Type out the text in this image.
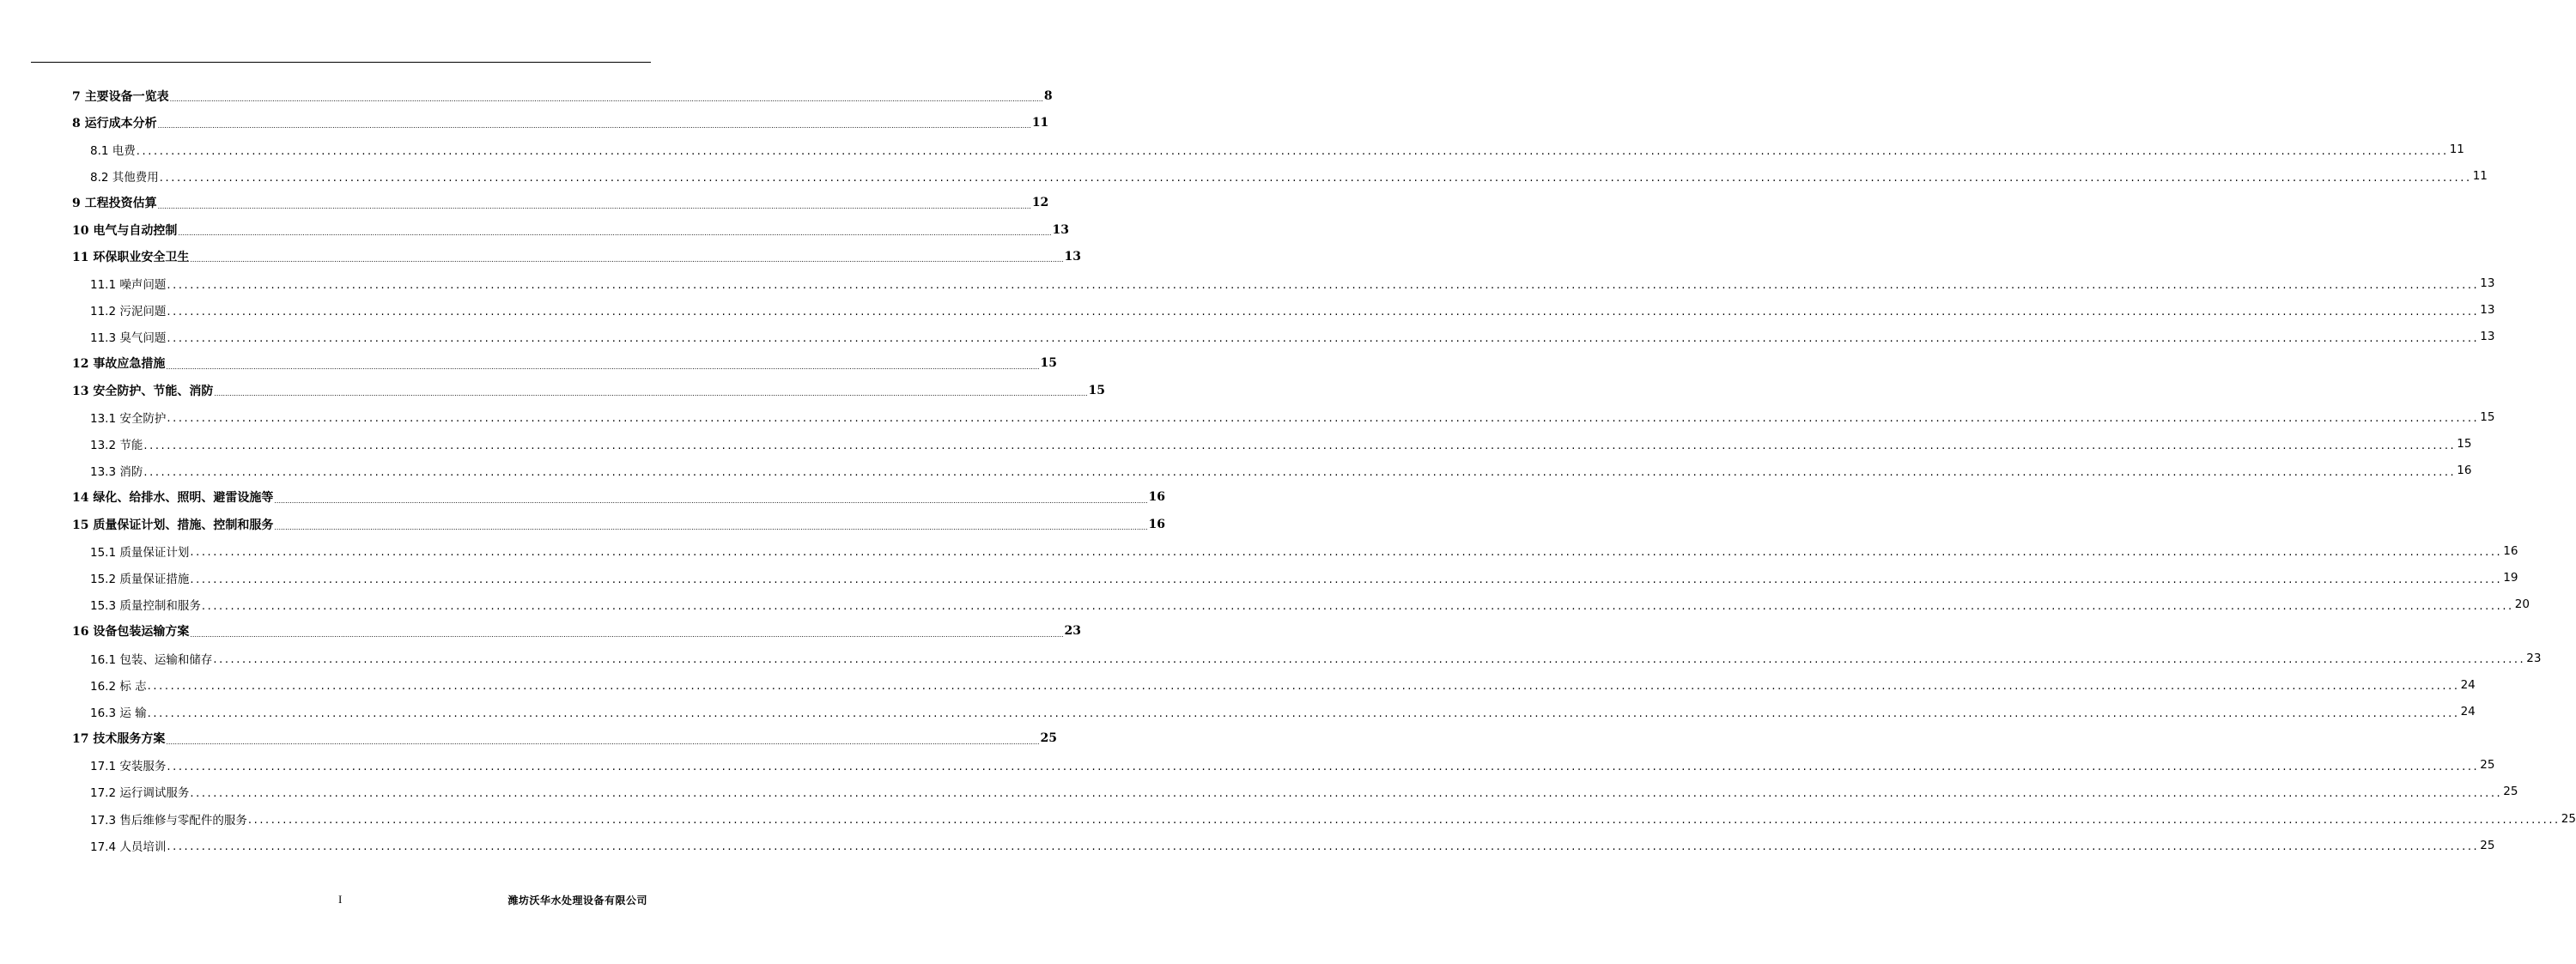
7 主要设备一览表 ................................................................................................................................................................................................................................................................................................................................................................................................................ 8
8 运行成本分析 ................................................................................................................................................................................................................................................................................................................................................................................................................ 11
8.1 电费 ................................................................................................................................................................................................................................................................................................................................................................................................................ 11
8.2 其他费用 ................................................................................................................................................................................................................................................................................................................................................................................................................ 11
9 工程投资估算 ................................................................................................................................................................................................................................................................................................................................................................................................................ 12
10 电气与自动控制 ................................................................................................................................................................................................................................................................................................................................................................................................................ 13
11 环保职业安全卫生 ................................................................................................................................................................................................................................................................................................................................................................................................................ 13
11.1 噪声问题 ................................................................................................................................................................................................................................................................................................................................................................................................................ 13
11.2 污泥问题 ................................................................................................................................................................................................................................................................................................................................................................................................................ 13
11.3 臭气问题 ................................................................................................................................................................................................................................................................................................................................................................................................................ 13
12 事故应急措施 ................................................................................................................................................................................................................................................................................................................................................................................................................ 15
13 安全防护、节能、消防 ................................................................................................................................................................................................................................................................................................................................................................................................................ 15
13.1 安全防护 ................................................................................................................................................................................................................................................................................................................................................................................................................ 15
13.2 节能 ................................................................................................................................................................................................................................................................................................................................................................................................................ 15
13.3 消防 ................................................................................................................................................................................................................................................................................................................................................................................................................ 16
14 绿化、给排水、照明、避雷设施等 ................................................................................................................................................................................................................................................................................................................................................................................................................ 16
15 质量保证计划、措施、控制和服务 ................................................................................................................................................................................................................................................................................................................................................................................................................ 16
15.1 质量保证计划 ................................................................................................................................................................................................................................................................................................................................................................................................................ 16
15.2 质量保证措施 ................................................................................................................................................................................................................................................................................................................................................................................................................ 19
15.3 质量控制和服务 ................................................................................................................................................................................................................................................................................................................................................................................................................ 20
16 设备包装运输方案 ................................................................................................................................................................................................................................................................................................................................................................................................................ 23
16.1 包装、运输和储存 ................................................................................................................................................................................................................................................................................................................................................................................................................ 23
16.2 标 志 ................................................................................................................................................................................................................................................................................................................................................................................................................ 24
16.3 运 输 ................................................................................................................................................................................................................................................................................................................................................................................................................ 24
17 技术服务方案 ................................................................................................................................................................................................................................................................................................................................................................................................................ 25
17.1 安装服务 ................................................................................................................................................................................................................................................................................................................................................................................................................ 25
17.2 运行调试服务 ................................................................................................................................................................................................................................................................................................................................................................................................................ 25
17.3 售后维修与零配件的服务 ................................................................................................................................................................................................................................................................................................................................................................................................................ 25
17.4 人员培训 ................................................................................................................................................................................................................................................................................................................................................................................................................ 25
I	潍坊沃华水处理设备有限公司
